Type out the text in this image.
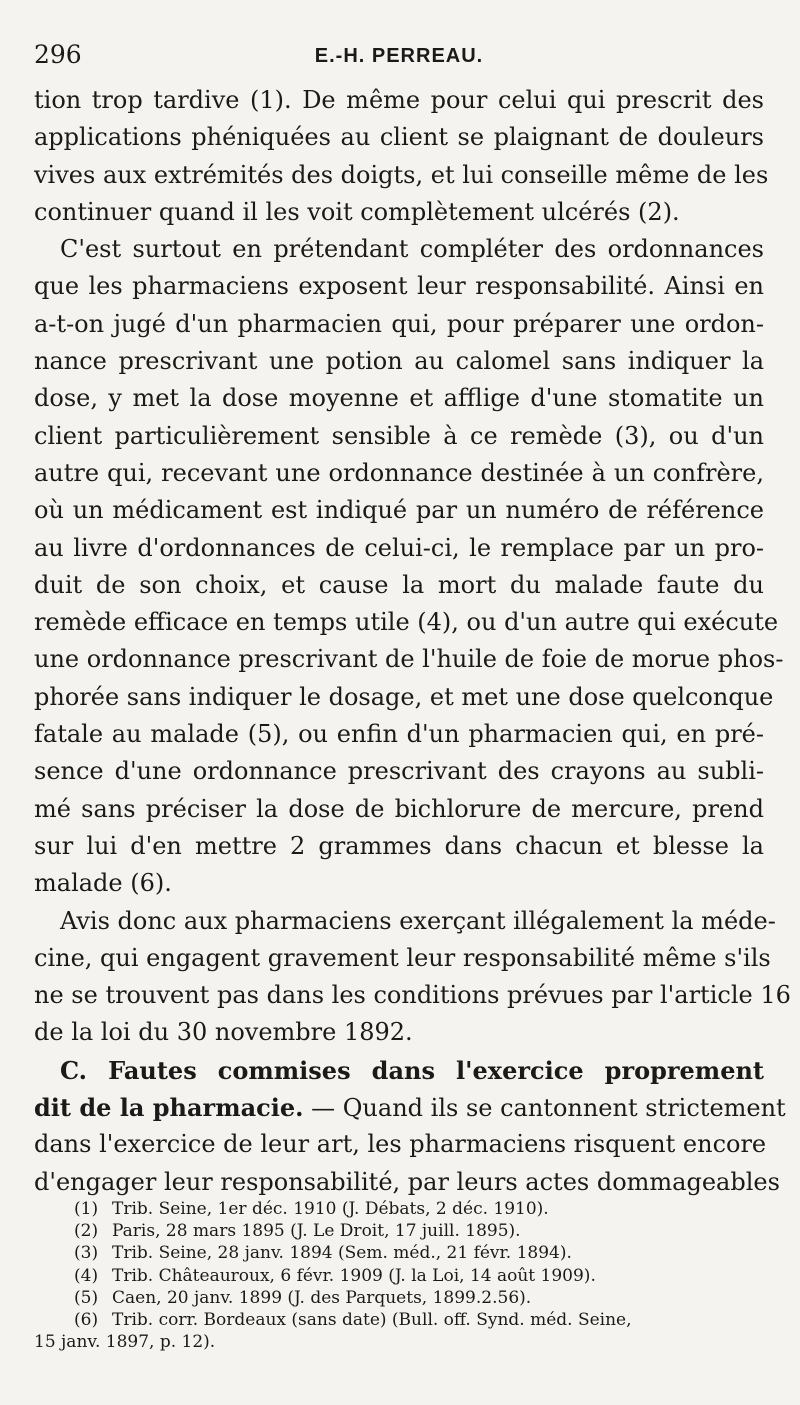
296	E.-H. PERREAU.
tion trop tardive (1). De même pour celui qui prescrit des
applications phéniquées au client se plaignant de douleurs
vives aux extrémités des doigts, et lui conseille même de les
continuer quand il les voit complètement ulcérés (2).
C'est surtout en prétendant compléter des ordonnances
que les pharmaciens exposent leur responsabilité. Ainsi en
a-t-on jugé d'un pharmacien qui, pour préparer une ordon-
nance prescrivant une potion au calomel sans indiquer la
dose, y met la dose moyenne et afflige d'une stomatite un
client particulièrement sensible à ce remède (3), ou d'un
autre qui, recevant une ordonnance destinée à un confrère,
où un médicament est indiqué par un numéro de référence
au livre d'ordonnances de celui-ci, le remplace par un pro-
duit de son choix, et cause la mort du malade faute du
remède efficace en temps utile (4), ou d'un autre qui exécute
une ordonnance prescrivant de l'huile de foie de morue phos-
phorée sans indiquer le dosage, et met une dose quelconque
fatale au malade (5), ou enfin d'un pharmacien qui, en pré-
sence d'une ordonnance prescrivant des crayons au subli-
mé sans préciser la dose de bichlorure de mercure, prend
sur lui d'en mettre 2 grammes dans chacun et blesse la
malade (6).
Avis donc aux pharmaciens exerçant illégalement la méde-
cine, qui engagent gravement leur responsabilité même s'ils
ne se trouvent pas dans les conditions prévues par l'article 16
de la loi du 30 novembre 1892.
C. Fautes commises dans l'exercice proprement
dit de la pharmacie. — Quand ils se cantonnent strictement
dans l'exercice de leur art, les pharmaciens risquent encore
d'engager leur responsabilité, par leurs actes dommageables
(1) Trib. Seine, 1er déc. 1910 (J. Débats, 2 déc. 1910).
(2) Paris, 28 mars 1895 (J. Le Droit, 17 juill. 1895).
(3) Trib. Seine, 28 janv. 1894 (Sem. méd., 21 févr. 1894).
(4) Trib. Châteauroux, 6 févr. 1909 (J. la Loi, 14 août 1909).
(5) Caen, 20 janv. 1899 (J. des Parquets, 1899.2.56).
(6) Trib. corr. Bordeaux (sans date) (Bull. off. Synd. méd. Seine,
15 janv. 1897, p. 12).
